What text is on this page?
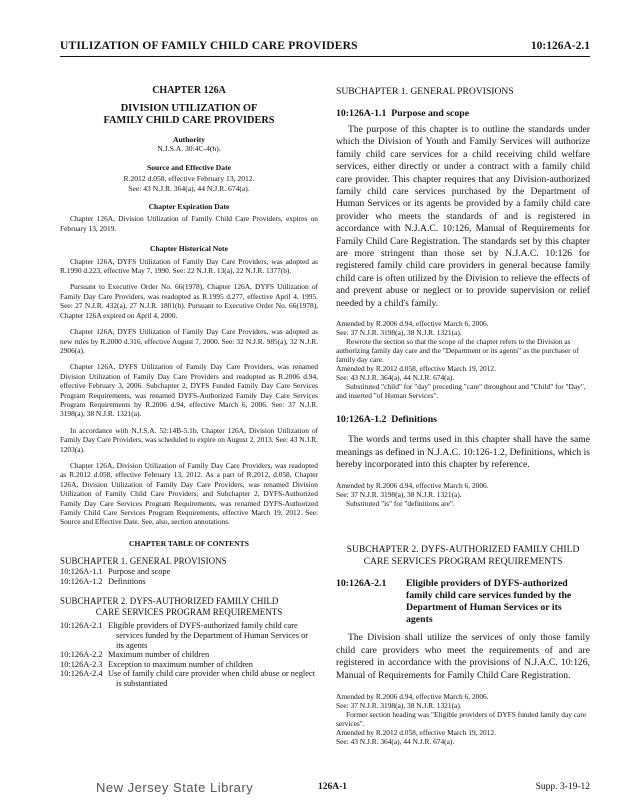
UTILIZATION OF FAMILY CHILD CARE PROVIDERS	10:126A-2.1
CHAPTER 126A
DIVISION UTILIZATION OF
FAMILY CHILD CARE PROVIDERS
Authority
N.J.S.A. 30:4C-4(h).
Source and Effective Date
R.2012 d.058, effective February 13, 2012.
See: 43 N.J.R. 364(a), 44 N.J.R. 674(a).
Chapter Expiration Date

Chapter 126A, Division Utilization of Family Child Care Providers, expires on February 13, 2019.

Chapter Historical Note

Chapter 126A, DYFS Utilization of Family Day Care Providers, was adopted as R.1990 d.223, effective May 7, 1990. See: 22 N.J.R. 13(a), 22 N.J.R. 1377(b).

Pursuant to Executive Order No. 66(1978), Chapter 126A, DYFS Utilization of Family Day Care Providers, was readopted as R.1995 d.277, effective April 4, 1995. See: 27 N.J.R. 432(a), 27 N.J.R. 1801(b). Pursuant to Executive Order No. 66(1978), Chapter 126A expired on April 4, 2000.

Chapter 126A, DYFS Utilization of Family Day Care Providers, was adopted as new rules by R.2000 d.316, effective August 7, 2000. See: 32 N.J.R. 985(a), 32 N.J.R. 2906(a).

Chapter 126A, DYFS Utilization of Family Day Care Providers, was renamed Division Utilization of Family Day Care Providers and readopted as R.2006 d.94, effective February 3, 2006. Subchapter 2, DYFS Funded Family Day Care Services Program Requirements, was renamed DYFS-Authorized Family Day Care Services Program Requirements by R.2006 d.94, effective March 6, 2006. See: 37 N.J.R. 3198(a), 38 N.J.R. 1321(a).

In accordance with N.J.S.A. 52:14B-5.1b, Chapter 126A, Division Utilization of Family Day Care Providers, was scheduled to expire on August 2, 2013. See: 43 N.J.R. 1203(a).

Chapter 126A, Division Utilization of Family Day Care Providers, was readopted as R.2012 d.058, effective February 13, 2012. As a part of R.2012, d.058, Chapter 126A, Division Utilization of Family Day Care Providers, was renamed Division Utilization of Family Child Care Providers; and Subchapter 2, DYFS-Authorized Family Day Care Services Program Requirements, was renamed DYFS-Authorized Family Child Care Services Program Requirements, effective March 19, 2012. See: Source and Effective Date. See, also, section annotations.

CHAPTER TABLE OF CONTENTS
SUBCHAPTER 1. GENERAL PROVISIONS
10:126A-1.1 Purpose and scope
10:126A-1.2 Definitions
SUBCHAPTER 2. DYFS-AUTHORIZED FAMILY CHILD
CARE SERVICES PROGRAM REQUIREMENTS
10:126A-2.1 Eligible providers of DYFS-authorized family child care services funded by the Department of Human Services or its agents
10:126A-2.2 Maximum number of children
10:126A-2.3 Exception to maximum number of children
10:126A-2.4 Use of family child care provider when child abuse or neglect is substantiated
SUBCHAPTER 1. GENERAL PROVISIONS
10:126A-1.1 Purpose and scope

The purpose of this chapter is to outline the standards under which the Division of Youth and Family Services will authorize family child care services for a child receiving child welfare services, either directly or under a contract with a family child care provider. This chapter requires that any Division-authorized family child care services purchased by the Department of Human Services or its agents be provided by a family child care provider who meets the standards of and is registered in accordance with N.J.A.C. 10:126, Manual of Requirements for Family Child Care Registration. The standards set by this chapter are more stringent than those set by N.J.A.C. 10:126 for registered family child care providers in general because family child care is often utilized by the Division to relieve the effects of and prevent abuse or neglect or to provide supervision or relief needed by a child's family.

Amended by R.2006 d.94, effective March 6, 2006.
See: 37 N.J.R. 3198(a), 38 N.J.R. 1321(a).
Rewrote the section so that the scope of the chapter refers to the Division as authorizing family day care and the "Department or its agents" as the purchaser of family day care.
Amended by R.2012 d.058, effective March 19, 2012.
See: 43 N.J.R. 364(a), 44 N.J.R. 674(a).
Substituted "child" for "day" preceding "care" throughout and "Child" for "Day", and inserted "of Human Services".
10:126A-1.2 Definitions

The words and terms used in this chapter shall have the same meanings as defined in N.J.A.C. 10:126-1.2, Definitions, which is hereby incorporated into this chapter by reference.

Amended by R.2006 d.94, effective March 6, 2006.
See: 37 N.J.R. 3198(a), 38 N.J.R. 1321(a).
Substituted "is" for "definitions are".
SUBCHAPTER 2. DYFS-AUTHORIZED FAMILY CHILD
CARE SERVICES PROGRAM REQUIREMENTS
10:126A-2.1	Eligible providers of DYFS-authorized family child care services funded by the Department of Human Services or its agents

The Division shall utilize the services of only those family child care providers who meet the requirements of and are registered in accordance with the provisions of N.J.A.C. 10:126, Manual of Requirements for Family Child Care Registration.

Amended by R.2006 d.94, effective March 6, 2006.
See: 37 N.J.R. 3198(a), 38 N.J.R. 1321(a).
Former section heading was "Eligible providers of DYFS funded family day care services".
Amended by R.2012 d.058, effective March 19, 2012.
See: 43 N.J.R. 364(a), 44 N.J.R. 674(a).
New Jersey State Library	126A-1	Supp. 3-19-12
